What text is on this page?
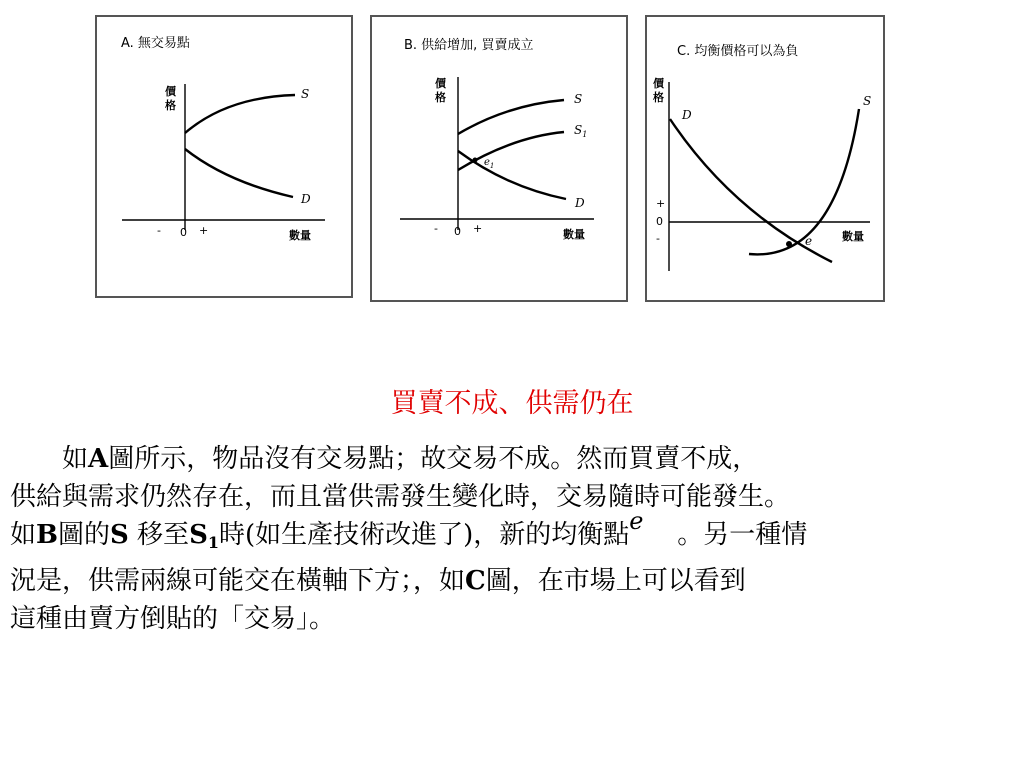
A. 無交易點
價
格
S
D
- 0 +	數量
B. 供給增加, 買賣成立
價
格
$e_1$
S
$S_1$
D
- 0 +	數量
C. 均衡價格可以為負
價
格
e
D
S
+
0
-	數量
買賣不成、供需仍在
如A圖所示，物品沒有交易點；故交易不成。然而買賣不成，
供給與需求仍然存在，而且當供需發生變化時，交易隨時可能發生。
如B圖的S 移至$S_1$時(如生產技術改進了)，新的均衡點e 。另一種情
況是，供需兩線可能交在橫軸下方；，如C圖，在市場上可以看到
這種由賣方倒貼的「交易」。
